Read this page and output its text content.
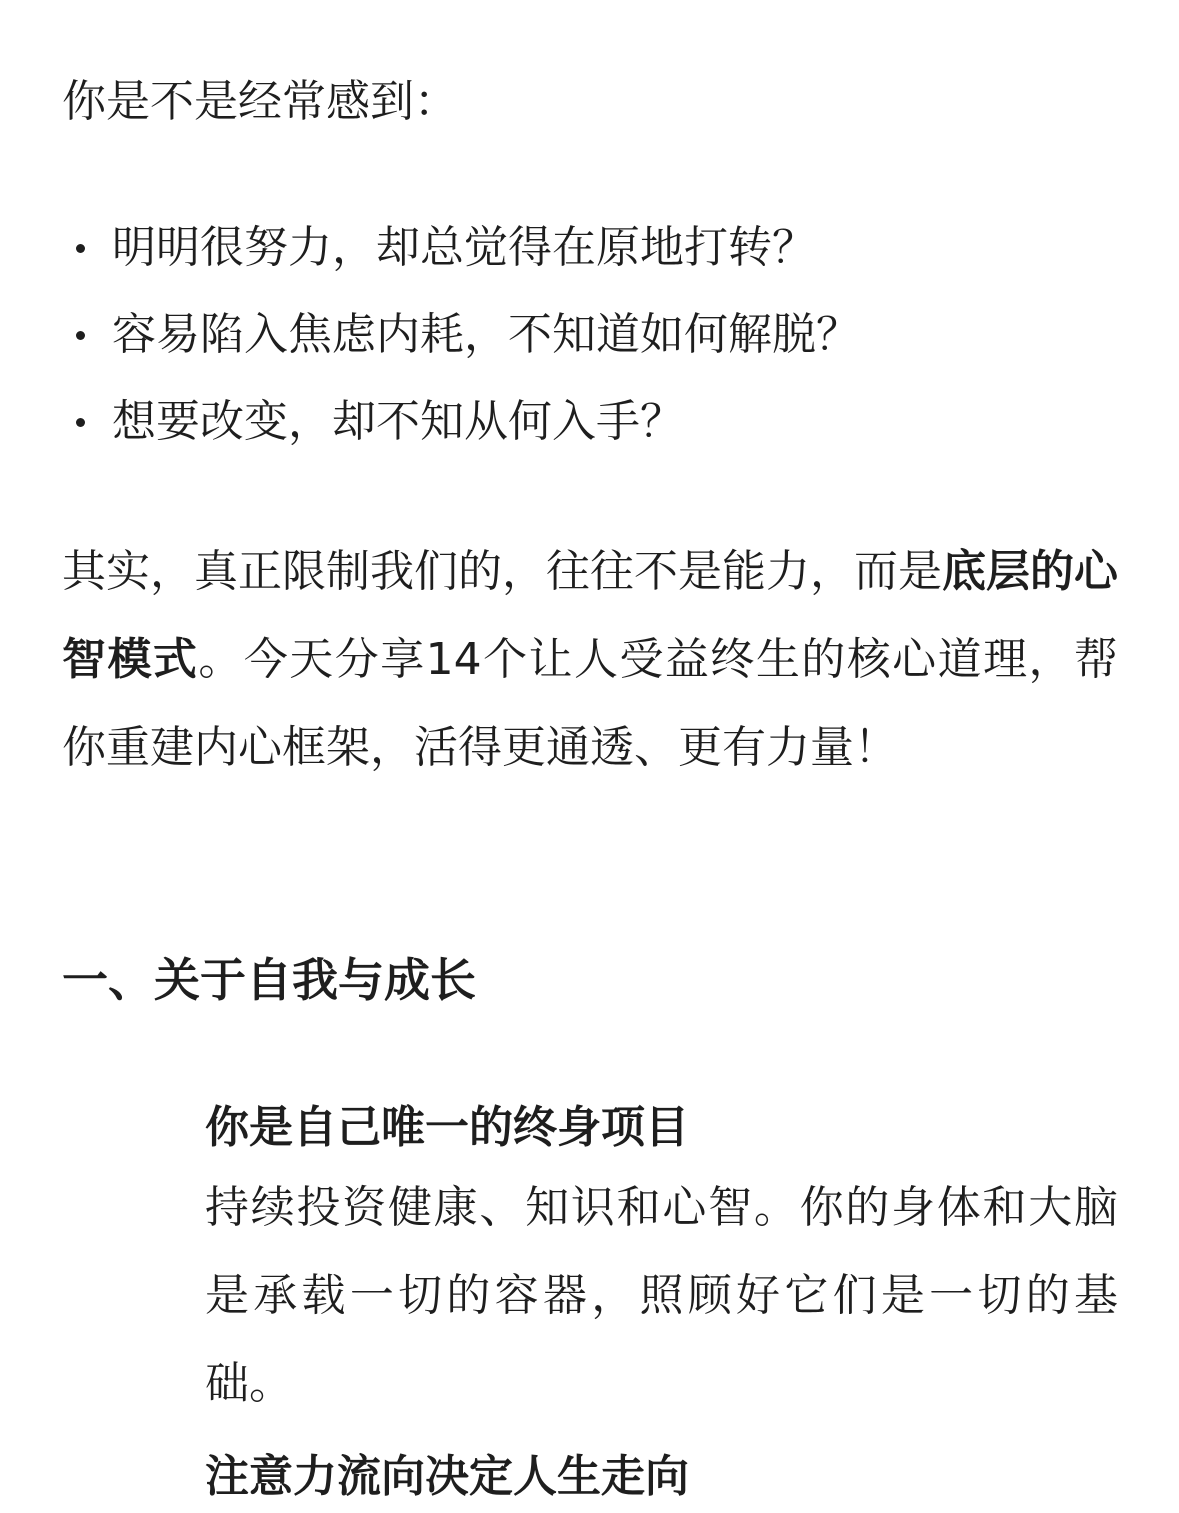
你是不是经常感到：
明明很努力，却总觉得在原地打转？
容易陷入焦虑内耗，不知道如何解脱？
想要改变，却不知从何入手？

其实，真正限制我们的，往往不是能力，而是底层的心智模式。今天分享14个让人受益终生的核心道理，帮你重建内心框架，活得更通透、更有力量！

一、关于自我与成长
你是自己唯一的终身项目

持续投资健康、知识和心智。你的身体和大脑是承载一切的容器，照顾好它们是一切的基础。

注意力流向决定人生走向
